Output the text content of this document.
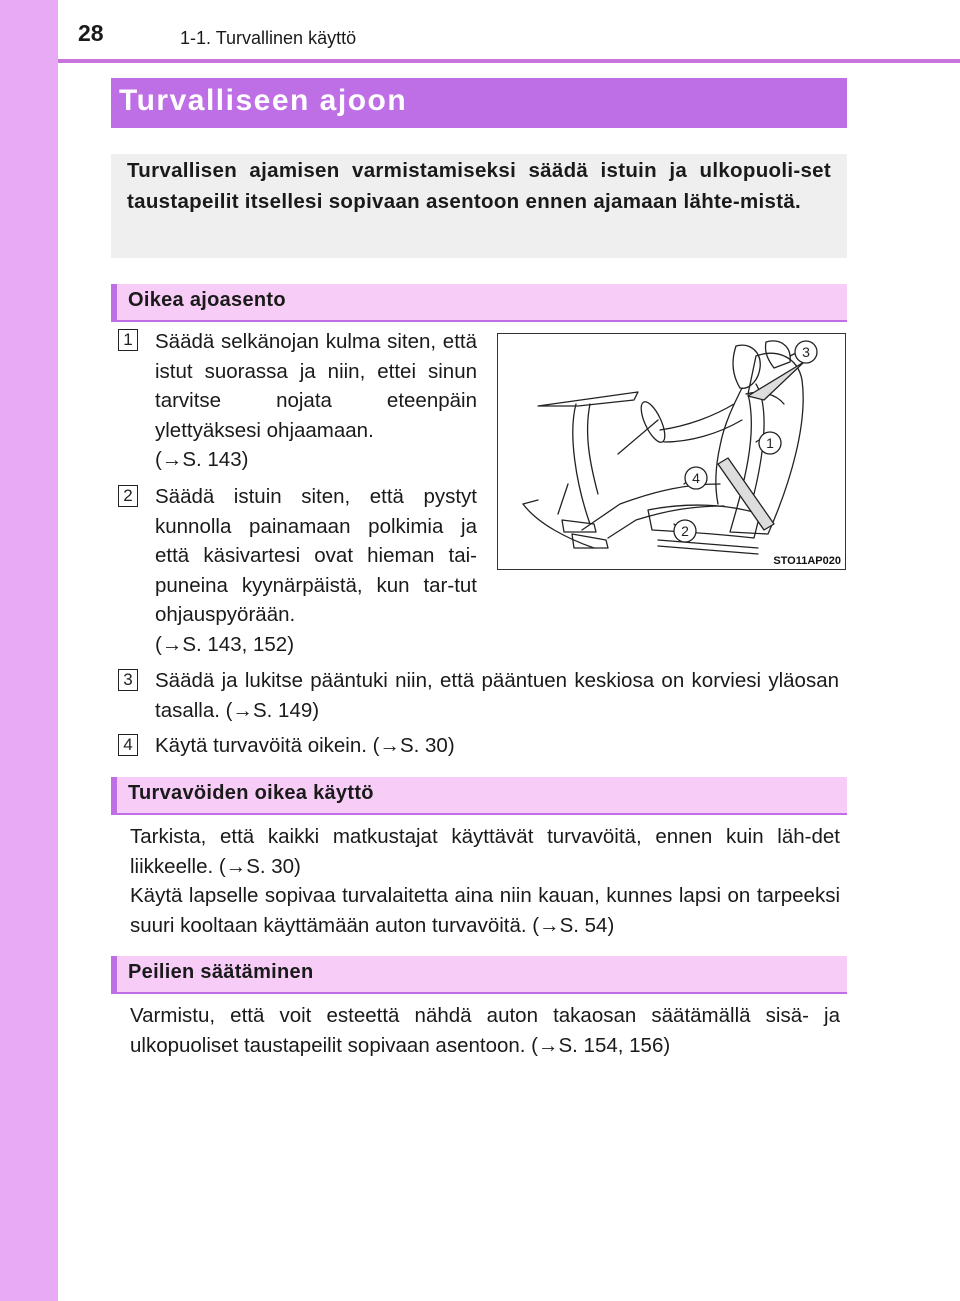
28	1-1. Turvallinen käyttö
Turvalliseen ajoon

Turvallisen ajamisen varmistamiseksi säädä istuin ja ulkopuoli-set taustapeilit itsellesi sopivaan asentoon ennen ajamaan lähte-mistä.

Oikea ajoasento
1 Säädä selkänojan kulma siten, että istut suorassa ja niin, ettei sinun tarvitse nojata eteenpäin ylettyäksesi ohjaamaan.
(→S. 143)
2 Säädä istuin siten, että pystyt kunnolla painamaan polkimia ja että käsivartesi ovat hieman tai-puneina kyynärpäistä, kun tar-tut ohjauspyörään.
(→S. 143, 152)
3
1
4
2
STO11AP020
3 Säädä ja lukitse pääntuki niin, että pääntuen keskiosa on korviesi yläosan tasalla. (→S. 149)
4 Käytä turvavöitä oikein. (→S. 30)
Turvavöiden oikea käyttö

Tarkista, että kaikki matkustajat käyttävät turvavöitä, ennen kuin läh-det liikkeelle. (→S. 30)

Käytä lapselle sopivaa turvalaitetta aina niin kauan, kunnes lapsi on tarpeeksi suuri kooltaan käyttämään auton turvavöitä. (→S. 54)

Peilien säätäminen

Varmistu, että voit esteettä nähdä auton takaosan säätämällä sisä- ja ulkopuoliset taustapeilit sopivaan asentoon. (→S. 154, 156)
